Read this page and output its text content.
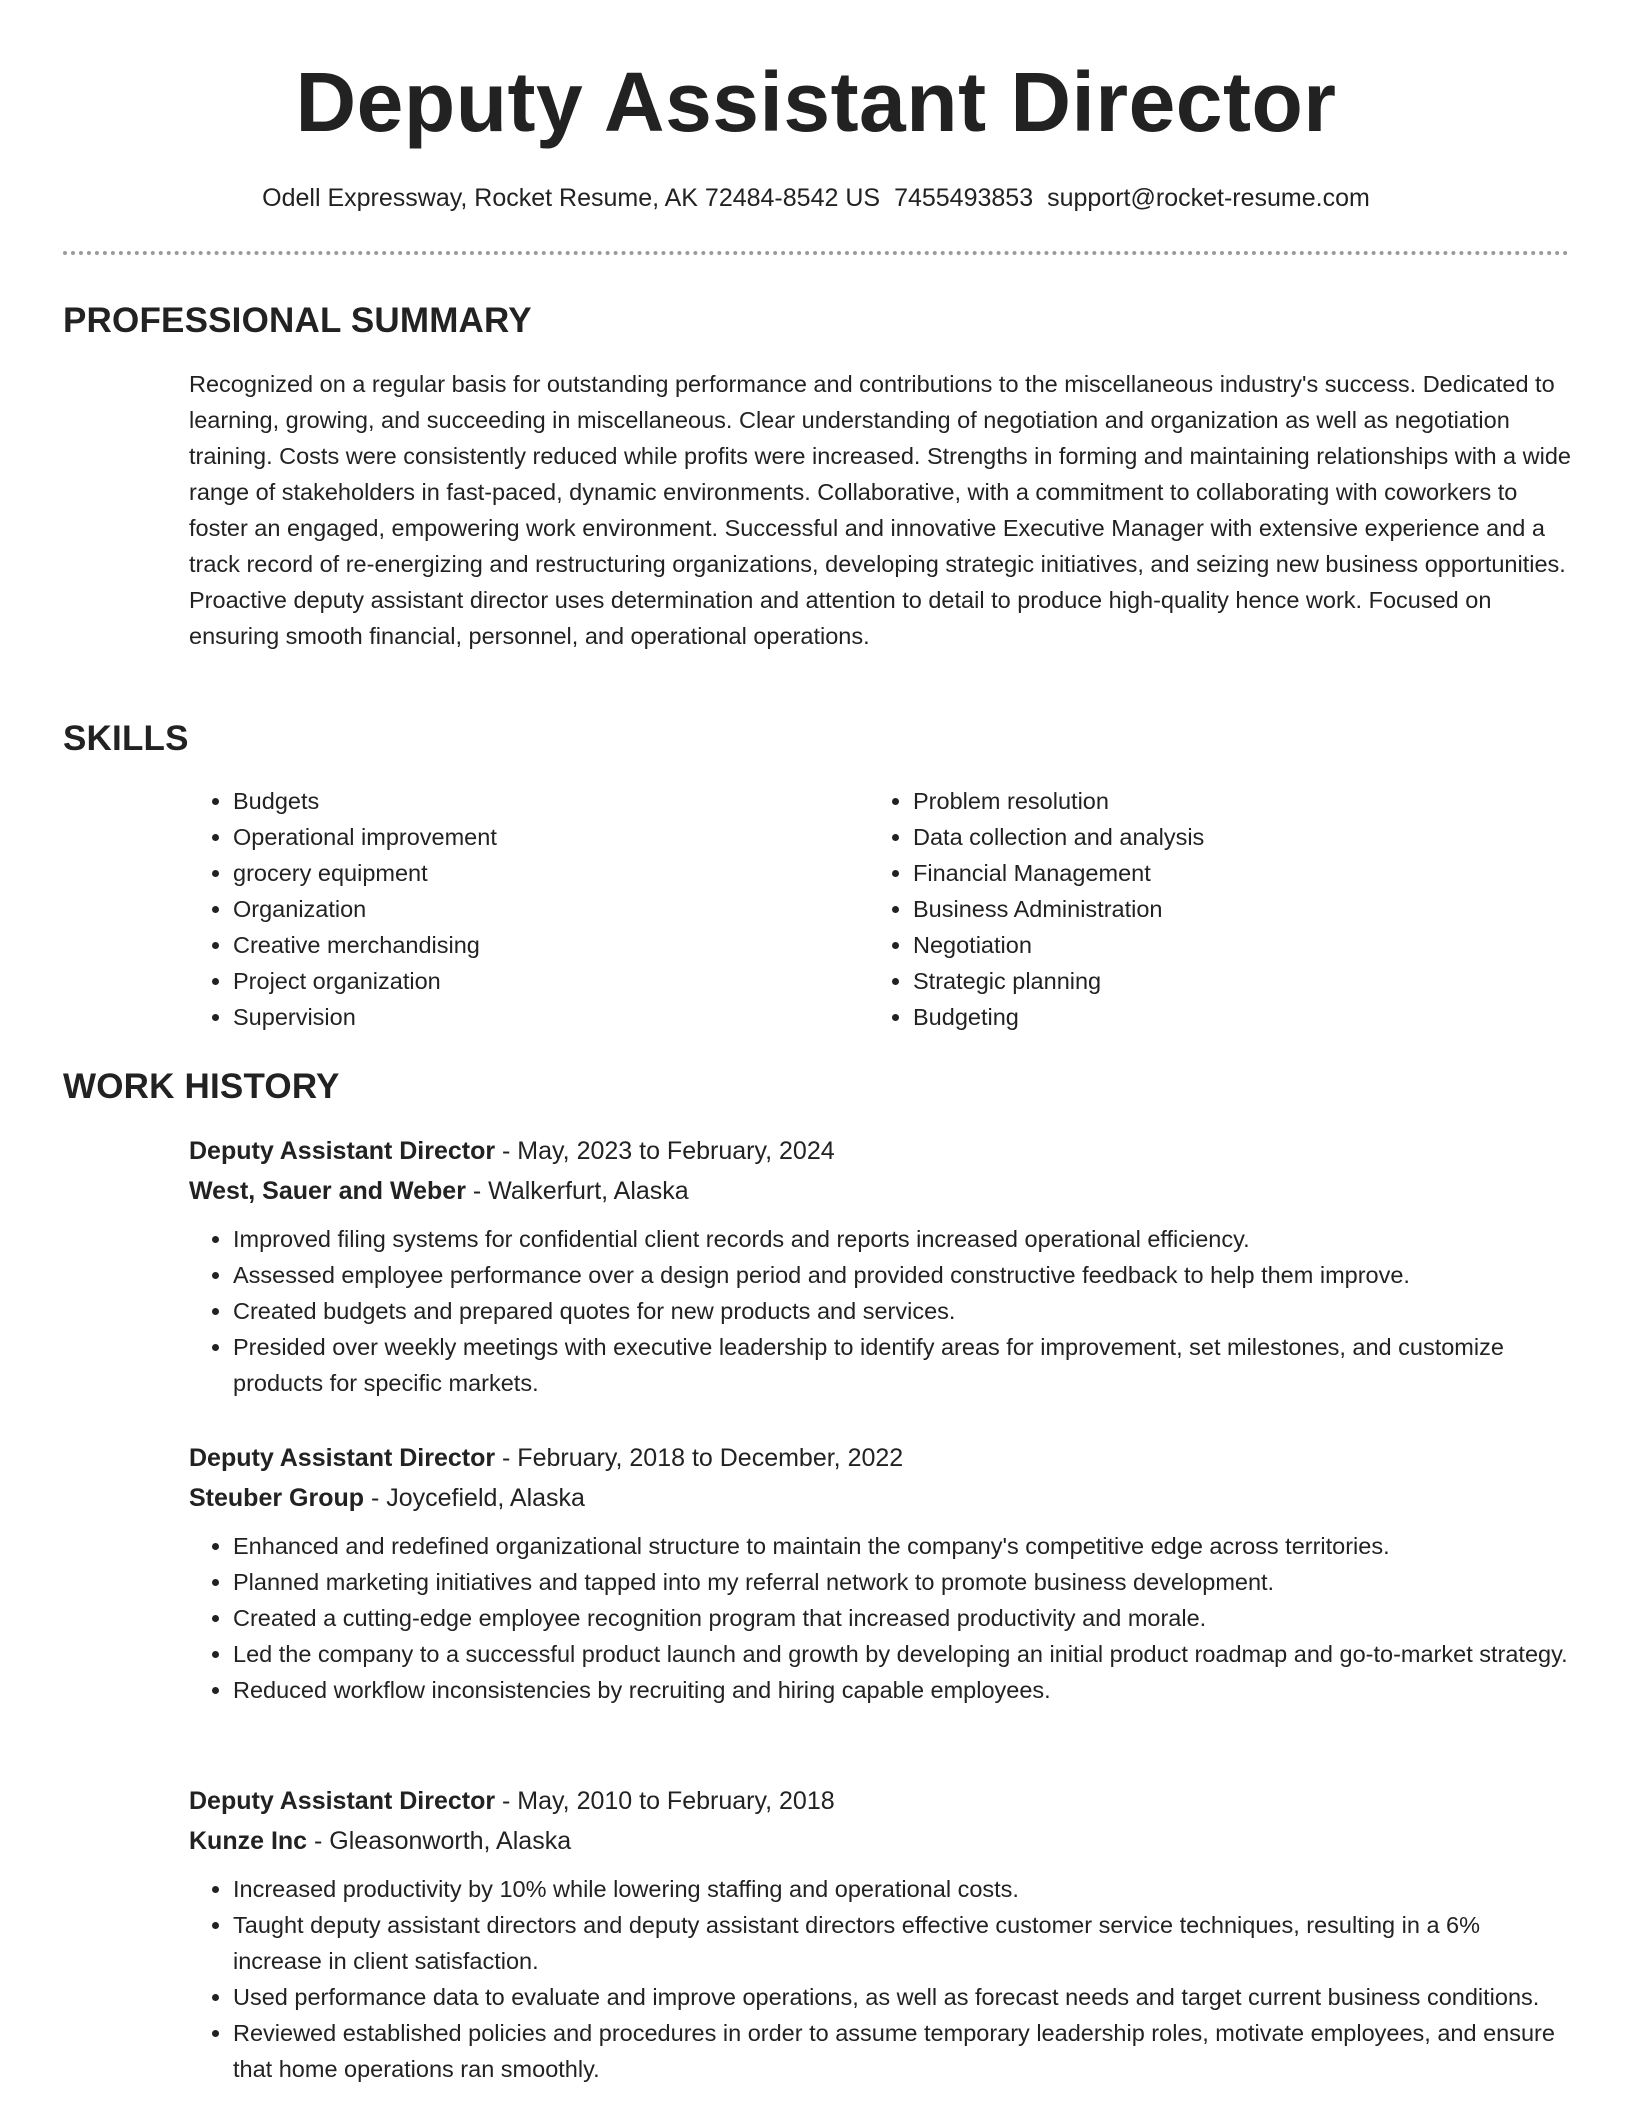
Deputy Assistant Director
Odell Expressway, Rocket Resume, AK 72484-8542 US 7455493853 support@rocket-resume.com
PROFESSIONAL SUMMARY

Recognized on a regular basis for outstanding performance and contributions to the miscellaneous industry's success. Dedicated to learning, growing, and succeeding in miscellaneous. Clear understanding of negotiation and organization as well as negotiation training. Costs were consistently reduced while profits were increased. Strengths in forming and maintaining relationships with a wide range of stakeholders in fast-paced, dynamic environments. Collaborative, with a commitment to collaborating with coworkers to foster an engaged, empowering work environment. Successful and innovative Executive Manager with extensive experience and a track record of re-energizing and restructuring organizations, developing strategic initiatives, and seizing new business opportunities. Proactive deputy assistant director uses determination and attention to detail to produce high-quality hence work. Focused on ensuring smooth financial, personnel, and operational operations.

SKILLS
• Budgets
• Operational improvement
• grocery equipment
• Organization
• Creative merchandising
• Project organization
• Supervision
• Problem resolution
• Data collection and analysis
• Financial Management
• Business Administration
• Negotiation
• Strategic planning
• Budgeting
WORK HISTORY
Deputy Assistant Director - May, 2023 to February, 2024
West, Sauer and Weber - Walkerfurt, Alaska
• Improved filing systems for confidential client records and reports increased operational efficiency.
• Assessed employee performance over a design period and provided constructive feedback to help them improve.
• Created budgets and prepared quotes for new products and services.
• Presided over weekly meetings with executive leadership to identify areas for improvement, set milestones, and customize products for specific markets.
Deputy Assistant Director - February, 2018 to December, 2022
Steuber Group - Joycefield, Alaska
• Enhanced and redefined organizational structure to maintain the company's competitive edge across territories.
• Planned marketing initiatives and tapped into my referral network to promote business development.
• Created a cutting-edge employee recognition program that increased productivity and morale.
• Led the company to a successful product launch and growth by developing an initial product roadmap and go-to-market strategy.
• Reduced workflow inconsistencies by recruiting and hiring capable employees.
Deputy Assistant Director - May, 2010 to February, 2018
Kunze Inc - Gleasonworth, Alaska
• Increased productivity by 10% while lowering staffing and operational costs.
• Taught deputy assistant directors and deputy assistant directors effective customer service techniques, resulting in a 6% increase in client satisfaction.
• Used performance data to evaluate and improve operations, as well as forecast needs and target current business conditions.
• Reviewed established policies and procedures in order to assume temporary leadership roles, motivate employees, and ensure that home operations ran smoothly.
